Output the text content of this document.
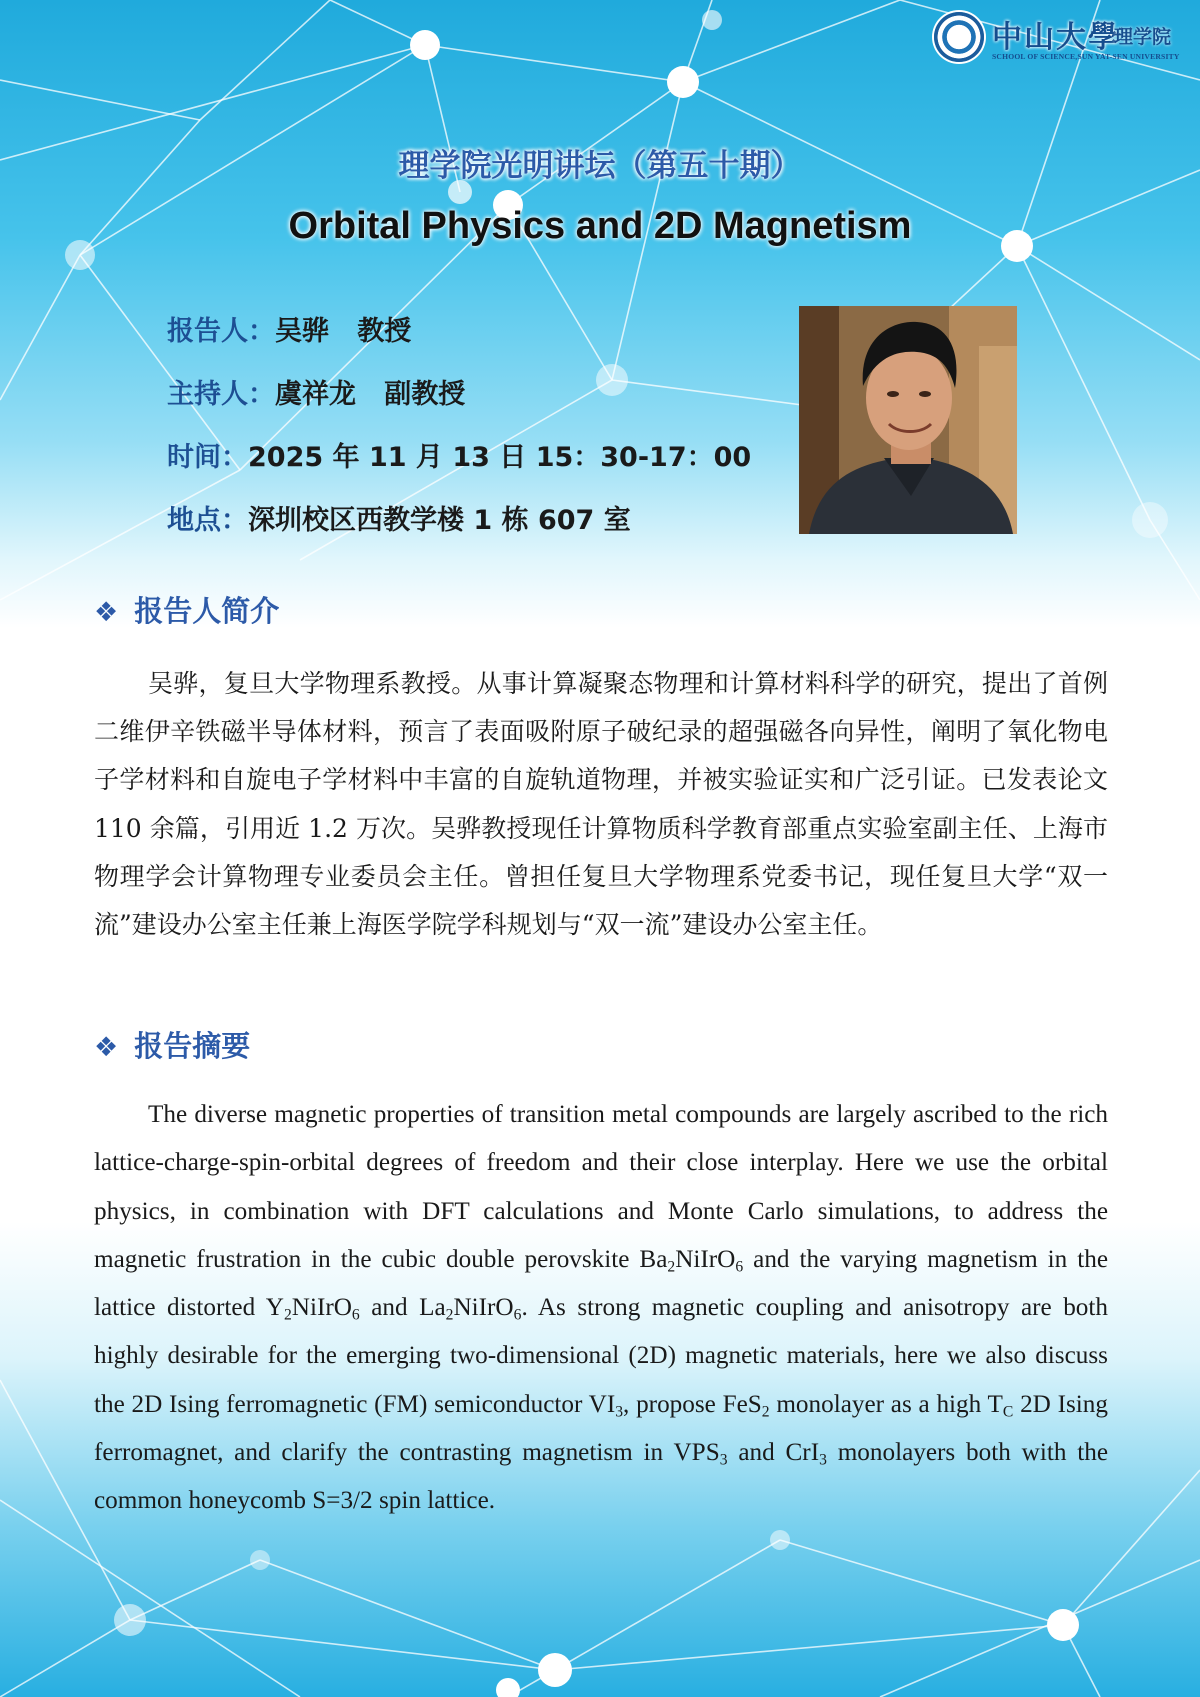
中山大學
理学院
SCHOOL OF SCIENCE,SUN YAT-SEN UNIVERSITY
理学院光明讲坛（第五十期）
Orbital Physics and 2D Magnetism
报告人：吴骅   教授
主持人：虞祥龙   副教授
时间：2025 年 11 月 13 日 15：30-17：00
地点：深圳校区西教学楼 1 栋 607 室
❖ 报告人简介

吴骅，复旦大学物理系教授。从事计算凝聚态物理和计算材料科学的研究，提出了首例二维伊辛铁磁半导体材料，预言了表面吸附原子破纪录的超强磁各向异性，阐明了氧化物电子学材料和自旋电子学材料中丰富的自旋轨道物理，并被实验证实和广泛引证。已发表论文 110 余篇，引用近 1.2 万次。吴骅教授现任计算物质科学教育部重点实验室副主任、上海市物理学会计算物理专业委员会主任。曾担任复旦大学物理系党委书记，现任复旦大学“双一流”建设办公室主任兼上海医学院学科规划与“双一流”建设办公室主任。

❖ 报告摘要

The diverse magnetic properties of transition metal compounds are largely ascribed to the rich lattice-charge-spin-orbital degrees of freedom and their close interplay. Here we use the orbital physics, in combination with DFT calculations and Monte Carlo simulations, to address the magnetic frustration in the cubic double perovskite $Ba_2NiIrO_6$ and the varying magnetism in the lattice distorted $Y_2NiIrO_6$ and $La_2NiIrO_6$. As strong magnetic coupling and anisotropy are both highly desirable for the emerging two-dimensional (2D) magnetic materials, here we also discuss the 2D Ising ferromagnetic (FM) semiconductor $VI_3$, propose FeS$_2$ monolayer as a high $T_C$ 2D Ising ferromagnet, and clarify the contrasting magnetism in $VPS_3$ and CrI$_3$ monolayers both with the common honeycomb S=3/2 spin lattice.
